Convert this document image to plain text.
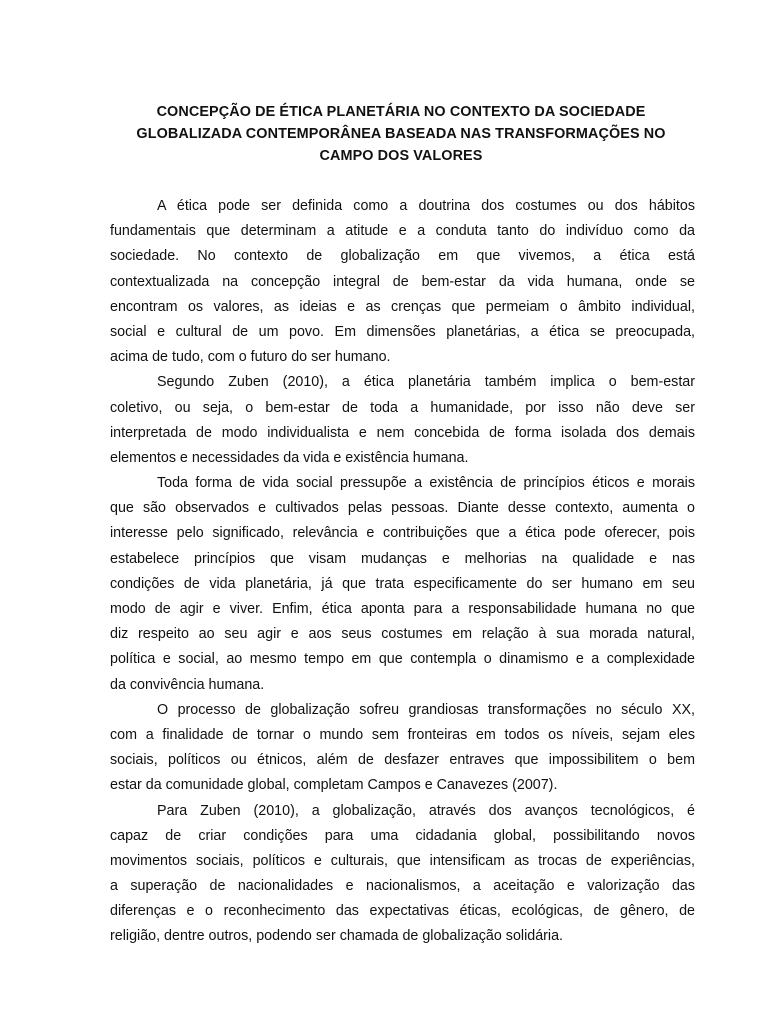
CONCEPÇÃO DE ÉTICA PLANETÁRIA NO CONTEXTO DA SOCIEDADE
GLOBALIZADA CONTEMPORÂNEA BASEADA NAS TRANSFORMAÇÕES NO
CAMPO DOS VALORES
A ética pode ser definida como a doutrina dos costumes ou dos hábitos
fundamentais que determinam a atitude e a conduta tanto do indivíduo como da
sociedade. No contexto de globalização em que vivemos, a ética está
contextualizada na concepção integral de bem-estar da vida humana, onde se
encontram os valores, as ideias e as crenças que permeiam o âmbito individual,
social e cultural de um povo. Em dimensões planetárias, a ética se preocupada,
acima de tudo, com o futuro do ser humano.
Segundo Zuben (2010), a ética planetária também implica o bem-estar
coletivo, ou seja, o bem-estar de toda a humanidade, por isso não deve ser
interpretada de modo individualista e nem concebida de forma isolada dos demais
elementos e necessidades da vida e existência humana.
Toda forma de vida social pressupõe a existência de princípios éticos e morais
que são observados e cultivados pelas pessoas. Diante desse contexto, aumenta o
interesse pelo significado, relevância e contribuições que a ética pode oferecer, pois
estabelece princípios que visam mudanças e melhorias na qualidade e nas
condições de vida planetária, já que trata especificamente do ser humano em seu
modo de agir e viver. Enfim, ética aponta para a responsabilidade humana no que
diz respeito ao seu agir e aos seus costumes em relação à sua morada natural,
política e social, ao mesmo tempo em que contempla o dinamismo e a complexidade
da convivência humana.
O processo de globalização sofreu grandiosas transformações no século XX,
com a finalidade de tornar o mundo sem fronteiras em todos os níveis, sejam eles
sociais, políticos ou étnicos, além de desfazer entraves que impossibilitem o bem
estar da comunidade global, completam Campos e Canavezes (2007).
Para Zuben (2010), a globalização, através dos avanços tecnológicos, é
capaz de criar condições para uma cidadania global, possibilitando novos
movimentos sociais, políticos e culturais, que intensificam as trocas de experiências,
a superação de nacionalidades e nacionalismos, a aceitação e valorização das
diferenças e o reconhecimento das expectativas éticas, ecológicas, de gênero, de
religião, dentre outros, podendo ser chamada de globalização solidária.
